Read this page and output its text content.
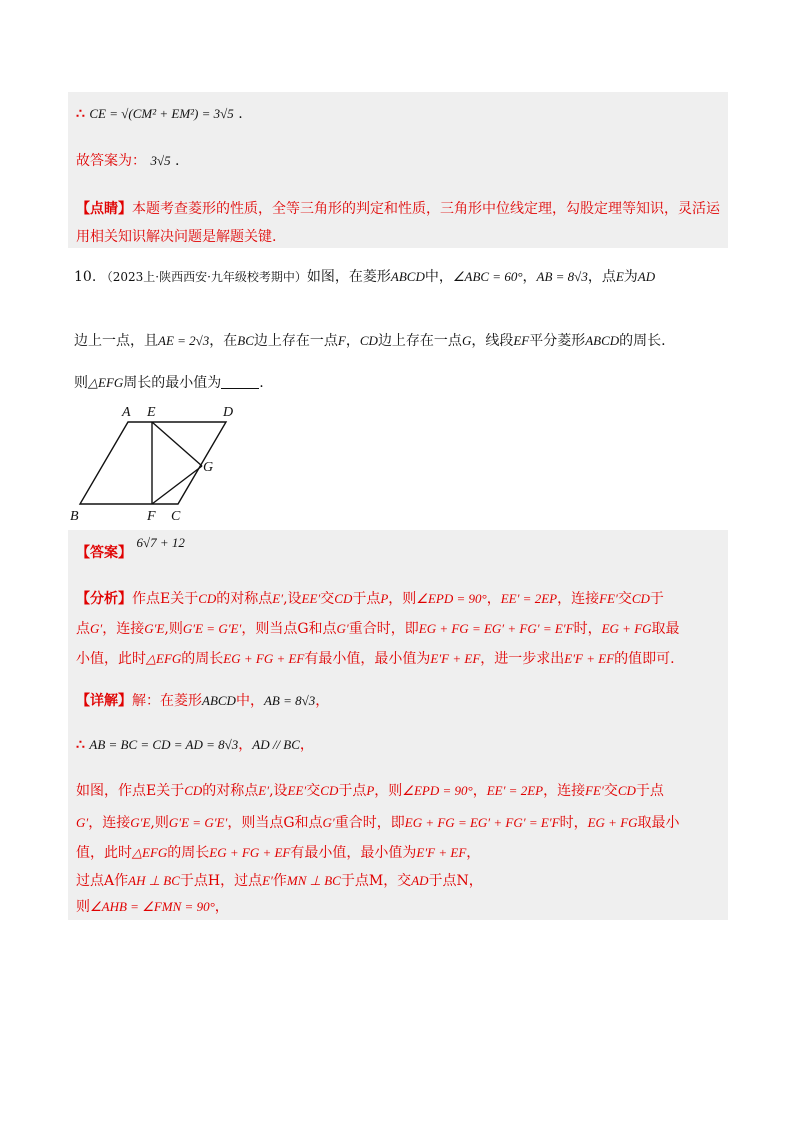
∴ CE = √(CM² + EM²) = 3√5 .
故答案为： 3√5 .
【点睛】本题考查菱形的性质，全等三角形的判定和性质，三角形中位线定理，勾股定理等知识，灵活运
用相关知识解决问题是解题关键.
10. （2023上·陕西西安·九年级校考期中）如图，在菱形ABCD中，∠ABC = 60°，AB = 8√3，点E为AD
边上一点，且AE = 2√3，在BC边上存在一点F，CD边上存在一点G，线段EF平分菱形ABCD的周长.
则△EFG周长的最小值为	.
A E	D
G
B	F C
【答案】 6√7 + 12
【分析】作点E关于CD的对称点E′,设EE′交CD于点P，则∠EPD = 90°，EE′ = 2EP，连接FE′交CD于
点G′，连接G′E,则G′E = G′E′，则当点G和点G′重合时，即EG + FG = EG′ + FG′ = E′F时，EG + FG取最
小值，此时△EFG的周长EG + FG + EF有最小值，最小值为E′F + EF，进一步求出E′F + EF的值即可.
【详解】解：在菱形ABCD中，AB = 8√3，
∴ AB = BC = CD = AD = 8√3，AD // BC，
如图，作点E关于CD的对称点E′,设EE′交CD于点P，则∠EPD = 90°，EE′ = 2EP，连接FE′交CD于点
G′，连接G′E,则G′E = G′E′，则当点G和点G′重合时，即EG + FG = EG′ + FG′ = E′F时，EG + FG取最小
值，此时△EFG的周长EG + FG + EF有最小值，最小值为E′F + EF，
过点A作AH ⊥ BC于点H，过点E′作MN ⊥ BC于点M，交AD于点N，
则∠AHB = ∠FMN = 90°，
